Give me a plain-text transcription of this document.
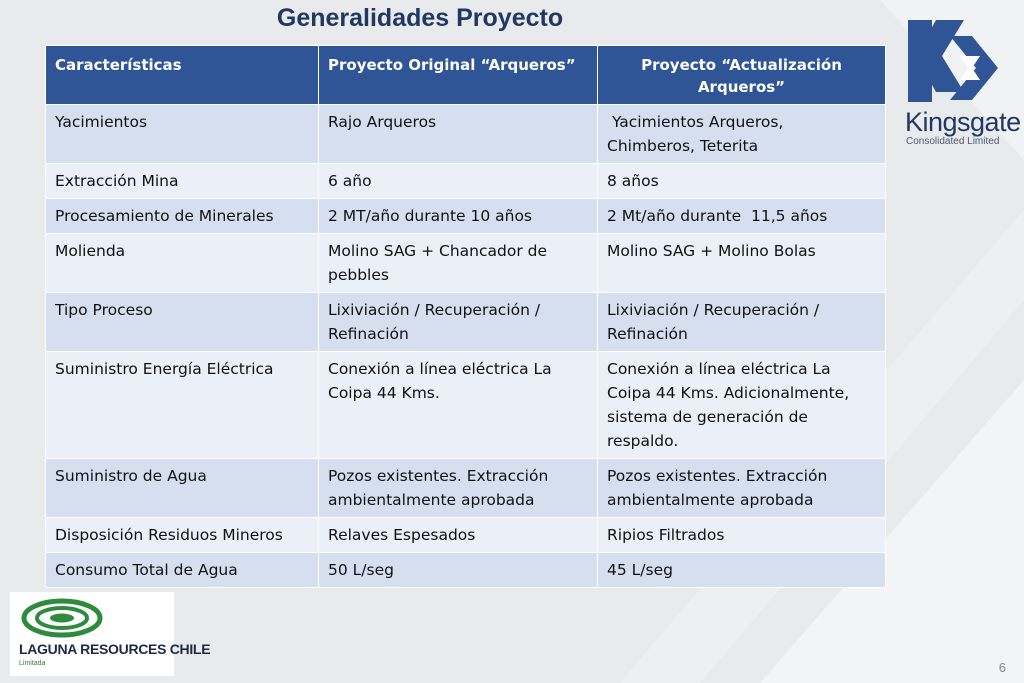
Generalidades Proyecto
Características	Proyecto Original “Arqueros”	Proyecto “Actualización Arqueros”
Yacimientos	Rajo Arqueros	Yacimientos Arqueros, Chimberos, Teterita
Extracción Mina	6 año	8 años
Procesamiento de Minerales	2 MT/año durante 10 años	2 Mt/año durante  11,5 años
Molienda	Molino SAG + Chancador de pebbles	Molino SAG + Molino Bolas
Tipo Proceso	Lixiviación / Recuperación / Refinación	Lixiviación / Recuperación / Refinación
Suministro Energía Eléctrica	Conexión a línea eléctrica La Coipa 44 Kms.	Conexión a línea eléctrica La Coipa 44 Kms. Adicionalmente, sistema de generación de respaldo.
Suministro de Agua	Pozos existentes. Extracción ambientalmente aprobada	Pozos existentes. Extracción ambientalmente aprobada
Disposición Residuos Mineros	Relaves Espesados	Ripios Filtrados
Consumo Total de Agua	50 L/seg	45 L/seg
Kingsgate
Consolidated Limited
LAGUNA RESOURCES CHILE
Limitada	6
